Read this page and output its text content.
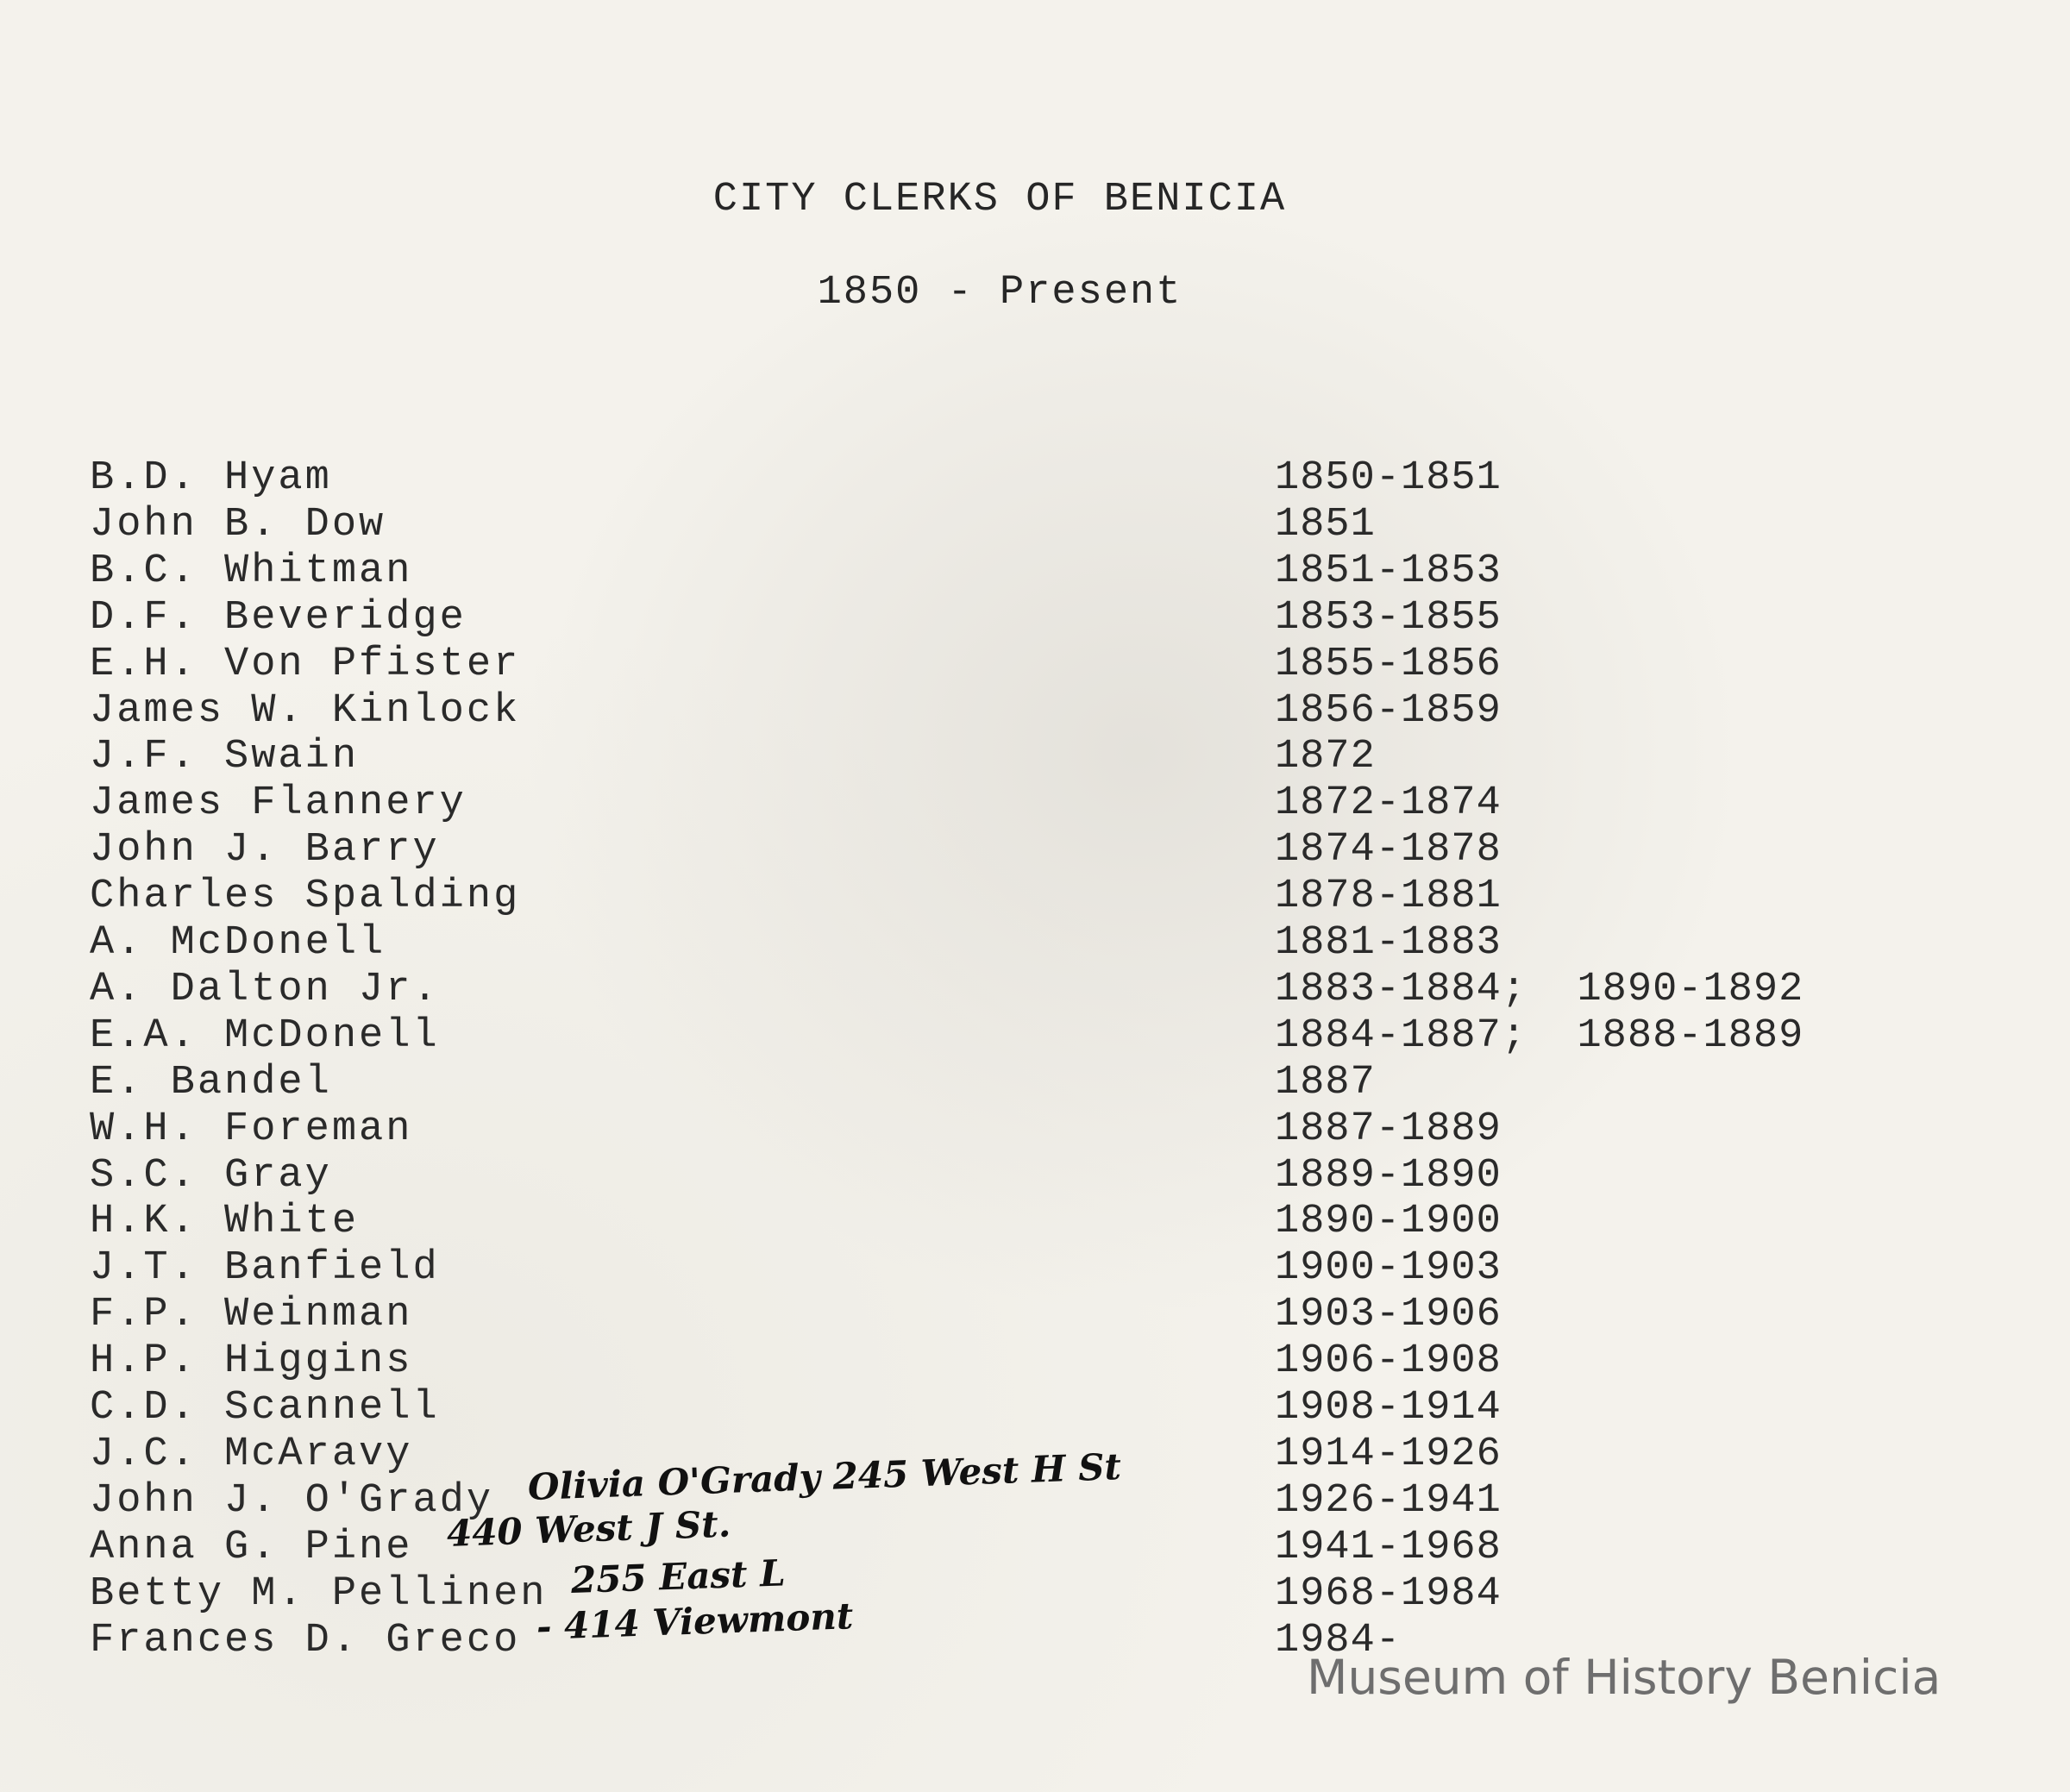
CITY CLERKS OF BENICIA
1850 - Present
B.D. Hyam	1850-1851
John B. Dow	1851
B.C. Whitman	1851-1853
D.F. Beveridge	1853-1855
E.H. Von Pfister	1855-1856
James W. Kinlock	1856-1859
J.F. Swain	1872
James Flannery	1872-1874
John J. Barry	1874-1878
Charles Spalding	1878-1881
A. McDonell	1881-1883
A. Dalton Jr.	1883-1884;  1890-1892
E.A. McDonell	1884-1887;  1888-1889
E. Bandel	1887
W.H. Foreman	1887-1889
S.C. Gray	1889-1890
H.K. White	1890-1900
J.T. Banfield	1900-1903
F.P. Weinman	1903-1906
H.P. Higgins	1906-1908
C.D. Scannell	1908-1914
J.C. McAravy	1914-1926
John J. O'Grady Olivia O'Grady 245 West H St	1926-1941
Anna G. Pine 440 West J St.	1941-1968
Betty M. Pellinen 255 East L	1968-1984
Frances D. Greco - 414 Viewmont	1984-
Museum of History Benicia
